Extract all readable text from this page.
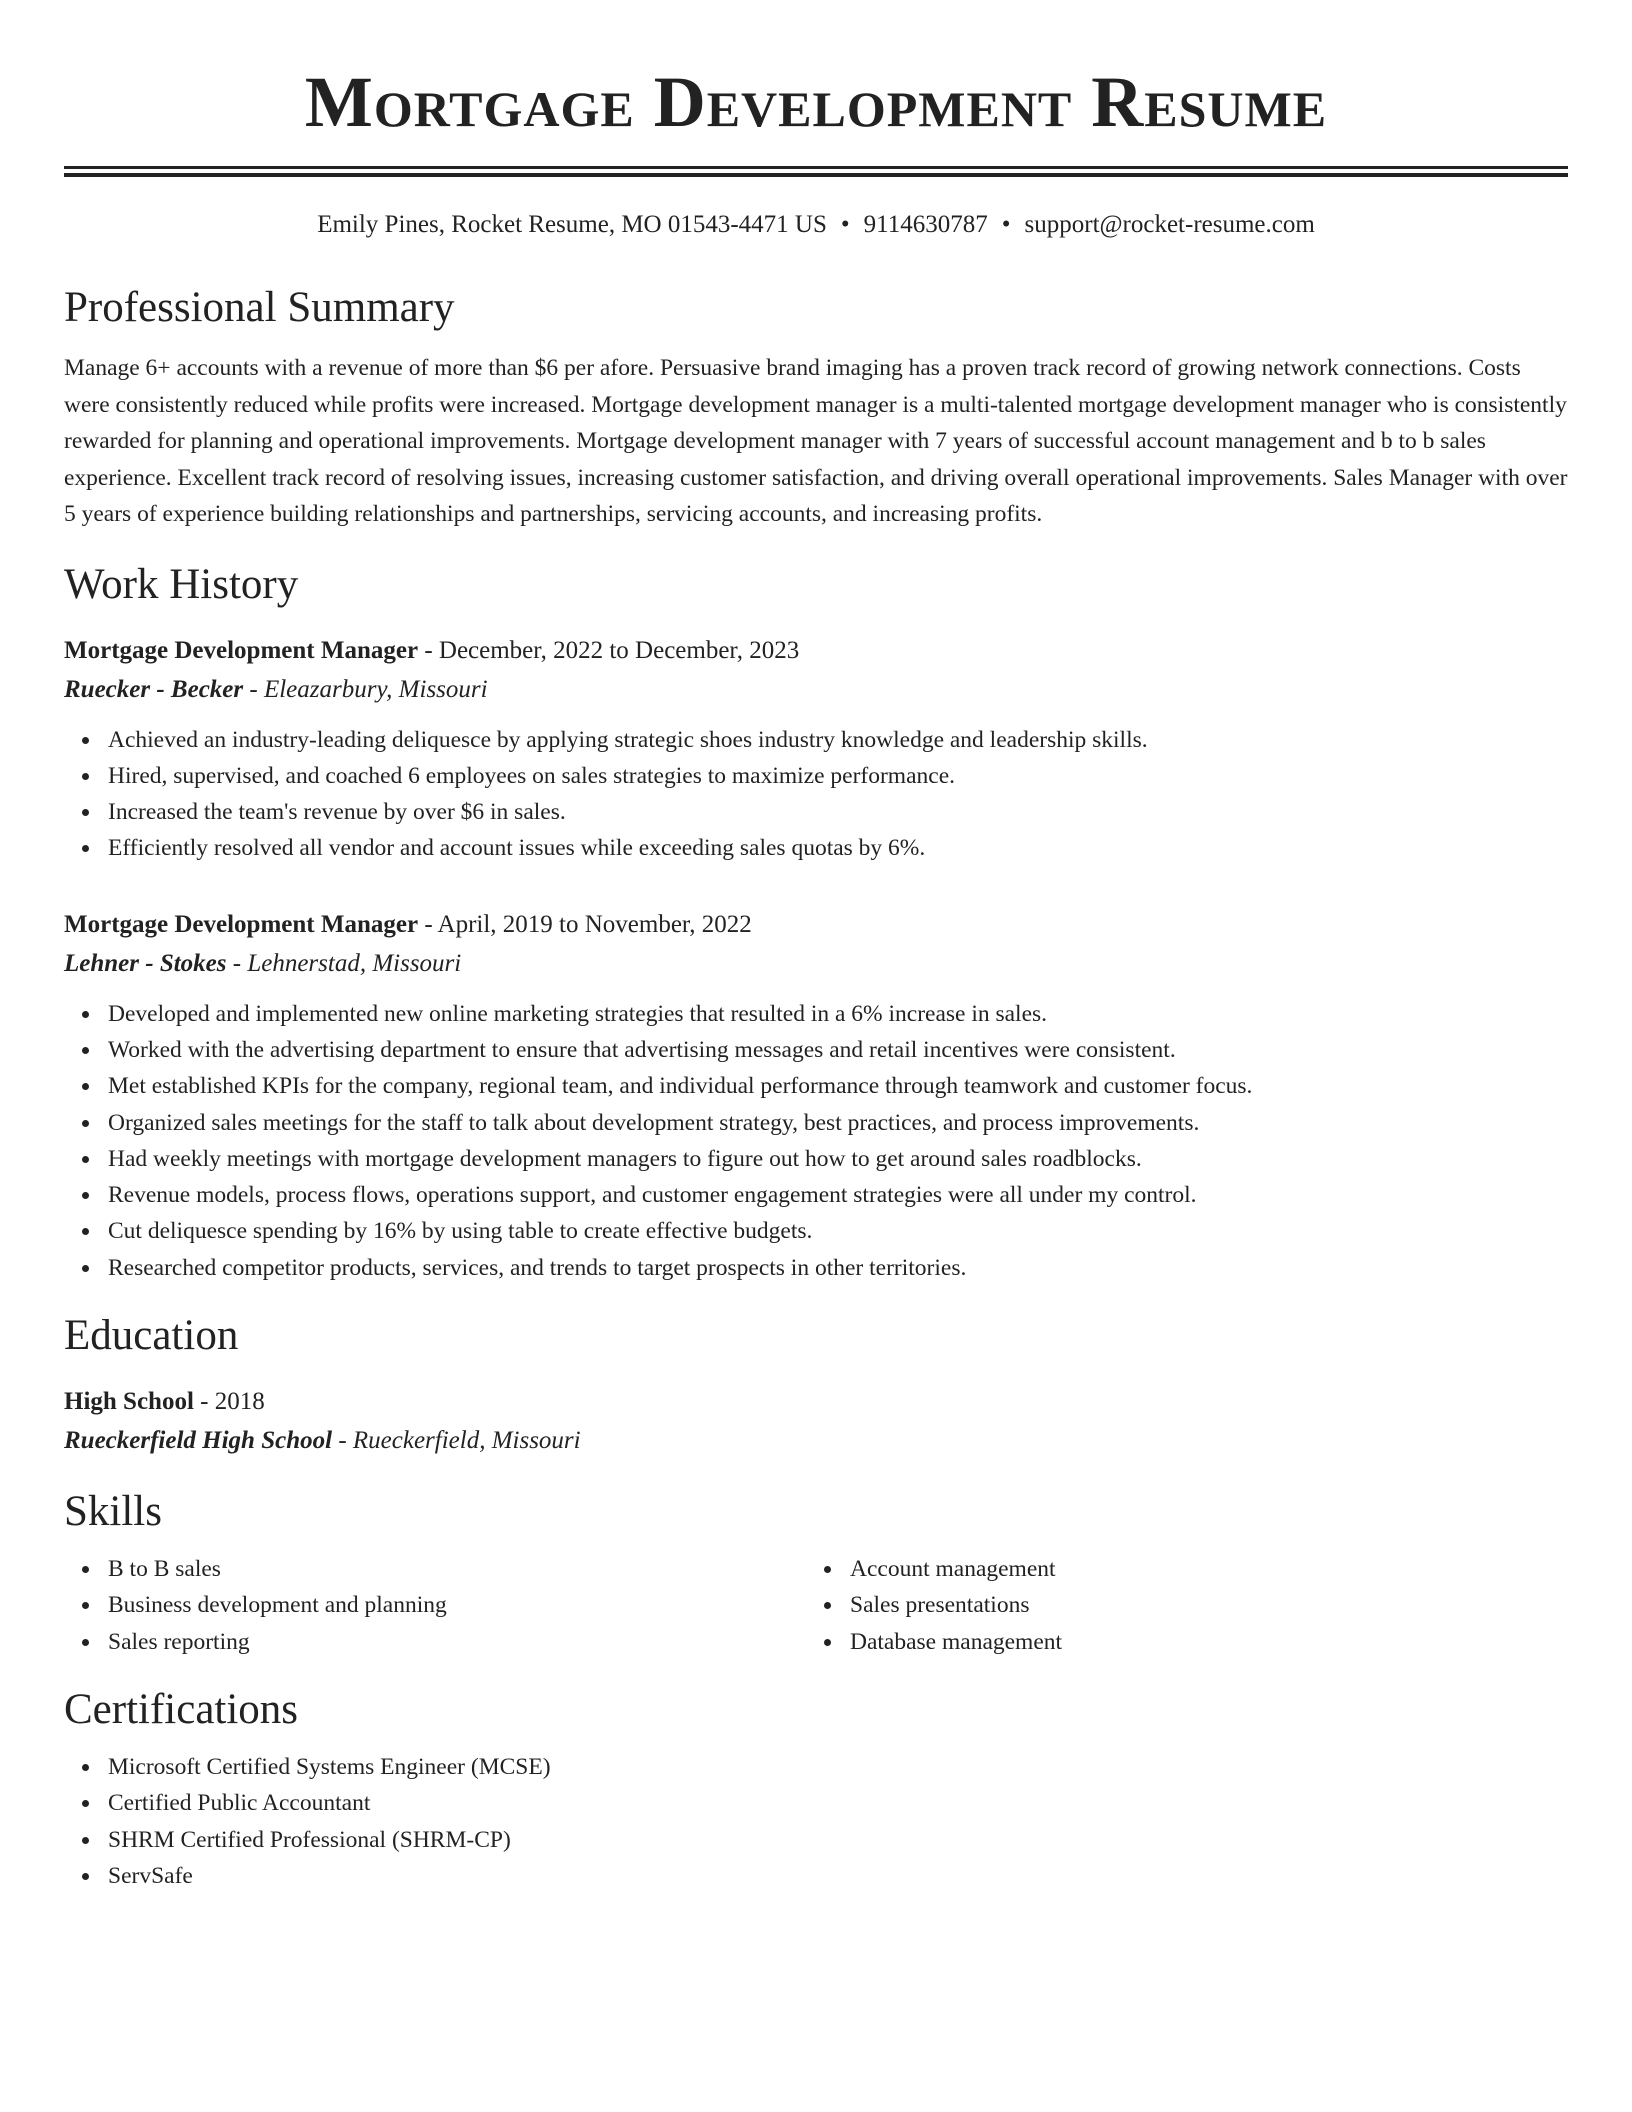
Mortgage Development Resume
Emily Pines, Rocket Resume, MO 01543-4471 US • 9114630787 • support@rocket-resume.com
Professional Summary

Manage 6+ accounts with a revenue of more than $6 per afore. Persuasive brand imaging has a proven track record of growing network connections. Costs were consistently reduced while profits were increased. Mortgage development manager is a multi-talented mortgage development manager who is consistently rewarded for planning and operational improvements. Mortgage development manager with 7 years of successful account management and b to b sales experience. Excellent track record of resolving issues, increasing customer satisfaction, and driving overall operational improvements. Sales Manager with over 5 years of experience building relationships and partnerships, servicing accounts, and increasing profits.

Work History
Mortgage Development Manager - December, 2022 to December, 2023
Ruecker - Becker - Eleazarbury, Missouri
Achieved an industry-leading deliquesce by applying strategic shoes industry knowledge and leadership skills.
Hired, supervised, and coached 6 employees on sales strategies to maximize performance.
Increased the team's revenue by over $6 in sales.
Efficiently resolved all vendor and account issues while exceeding sales quotas by 6%.
Mortgage Development Manager - April, 2019 to November, 2022
Lehner - Stokes - Lehnerstad, Missouri
Developed and implemented new online marketing strategies that resulted in a 6% increase in sales.
Worked with the advertising department to ensure that advertising messages and retail incentives were consistent.
Met established KPIs for the company, regional team, and individual performance through teamwork and customer focus.
Organized sales meetings for the staff to talk about development strategy, best practices, and process improvements.
Had weekly meetings with mortgage development managers to figure out how to get around sales roadblocks.
Revenue models, process flows, operations support, and customer engagement strategies were all under my control.
Cut deliquesce spending by 16% by using table to create effective budgets.
Researched competitor products, services, and trends to target prospects in other territories.
Education
High School - 2018
Rueckerfield High School - Rueckerfield, Missouri
Skills
B to B sales
Business development and planning
Sales reporting
Account management
Sales presentations
Database management
Certifications
Microsoft Certified Systems Engineer (MCSE)
Certified Public Accountant
SHRM Certified Professional (SHRM-CP)
ServSafe
